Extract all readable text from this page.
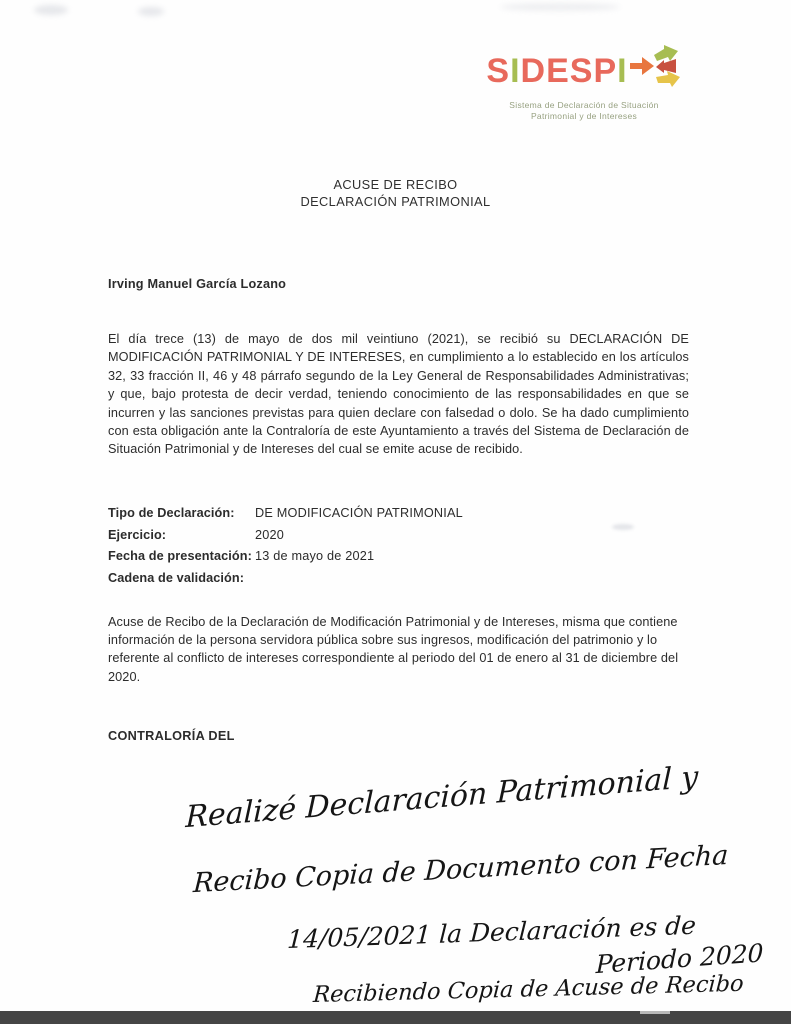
SIDESPI
Sistema de Declaración de Situación
Patrimonial y de Intereses
ACUSE DE RECIBO
DECLARACIÓN PATRIMONIAL
Irving Manuel García Lozano
El día trece (13) de mayo de dos mil veintiuno (2021), se recibió su DECLARACIÓN DE MODIFICACIÓN PATRIMONIAL Y DE INTERESES, en cumplimiento a lo establecido en los artículos 32, 33 fracción II, 46 y 48 párrafo segundo de la Ley General de Responsabilidades Administrativas; y que, bajo protesta de decir verdad, teniendo conocimiento de las responsabilidades en que se incurren y las sanciones previstas para quien declare con falsedad o dolo. Se ha dado cumplimiento con esta obligación ante la Contraloría de este Ayuntamiento a través del Sistema de Declaración de Situación Patrimonial y de Intereses del cual se emite acuse de recibido.
Tipo de Declaración:	DE MODIFICACIÓN PATRIMONIAL
Ejercicio:	2020
Fecha de presentación: 13 de mayo de 2021
Cadena de validación:
Acuse de Recibo de la Declaración de Modificación Patrimonial y de Intereses, misma que contiene información de la persona servidora pública sobre sus ingresos, modificación del patrimonio y lo referente al conflicto de intereses correspondiente al periodo del 01 de enero al 31 de diciembre del 2020.
CONTRALORÍA DEL
Realizé Declaración Patrimonial y
Recibo Copia de Documento con Fecha
14/05/2021 la Declaración es de
Periodo 2020
Recibiendo Copia de Acuse de Recibo
